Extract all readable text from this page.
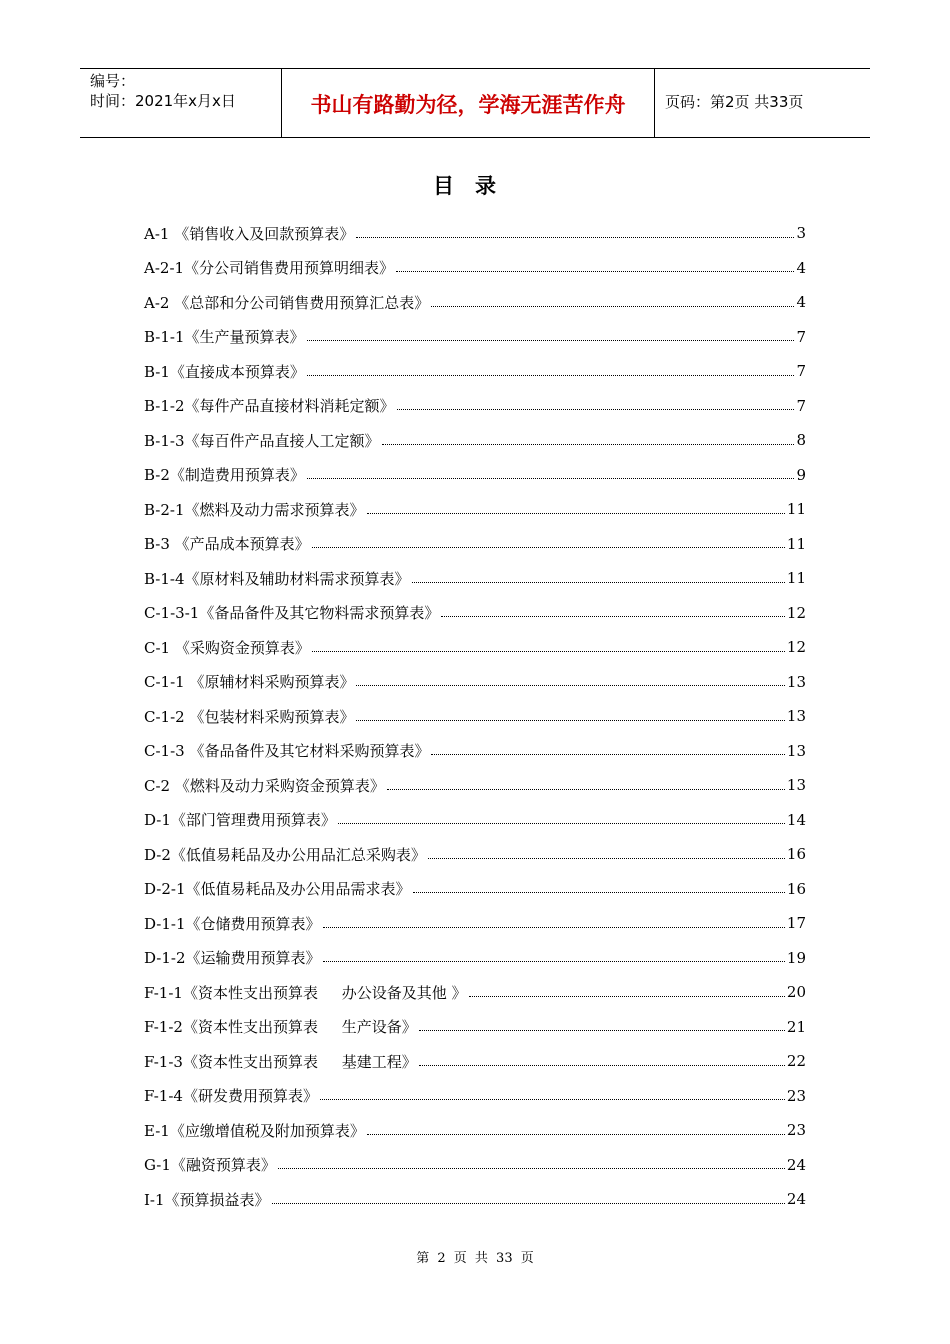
编号：
时间：2021年x月x日	书山有路勤为径，学海无涯苦作舟	页码：第2页 共33页
目录
A-1 《销售收入及回款预算表》	3
A-2-1《分公司销售费用预算明细表》	4
A-2 《总部和分公司销售费用预算汇总表》	4
B-1-1《生产量预算表》	7
B-1《直接成本预算表》	7
B-1-2《每件产品直接材料消耗定额》	7
B-1-3《每百件产品直接人工定额》	8
B-2《制造费用预算表》	9
B-2-1《燃料及动力需求预算表》	11
B-3 《产品成本预算表》	11
B-1-4《原材料及辅助材料需求预算表》	11
C-1-3-1《备品备件及其它物料需求预算表》	12
C-1 《采购资金预算表》	12
C-1-1 《原辅材料采购预算表》	13
C-1-2 《包装材料采购预算表》	13
C-1-3 《备品备件及其它材料采购预算表》	13
C-2 《燃料及动力采购资金预算表》	13
D-1《部门管理费用预算表》	14
D-2《低值易耗品及办公用品汇总采购表》	16
D-2-1《低值易耗品及办公用品需求表》	16
D-1-1《仓储费用预算表》	17
D-1-2《运输费用预算表》	19
F-1-1《资本性支出预算表     办公设备及其他 》	20
F-1-2《资本性支出预算表     生产设备》	21
F-1-3《资本性支出预算表     基建工程》	22
F-1-4《研发费用预算表》	23
E-1《应缴增值税及附加预算表》	23
G-1《融资预算表》	24
I-1《预算损益表》	24
第 2 页 共 33 页
